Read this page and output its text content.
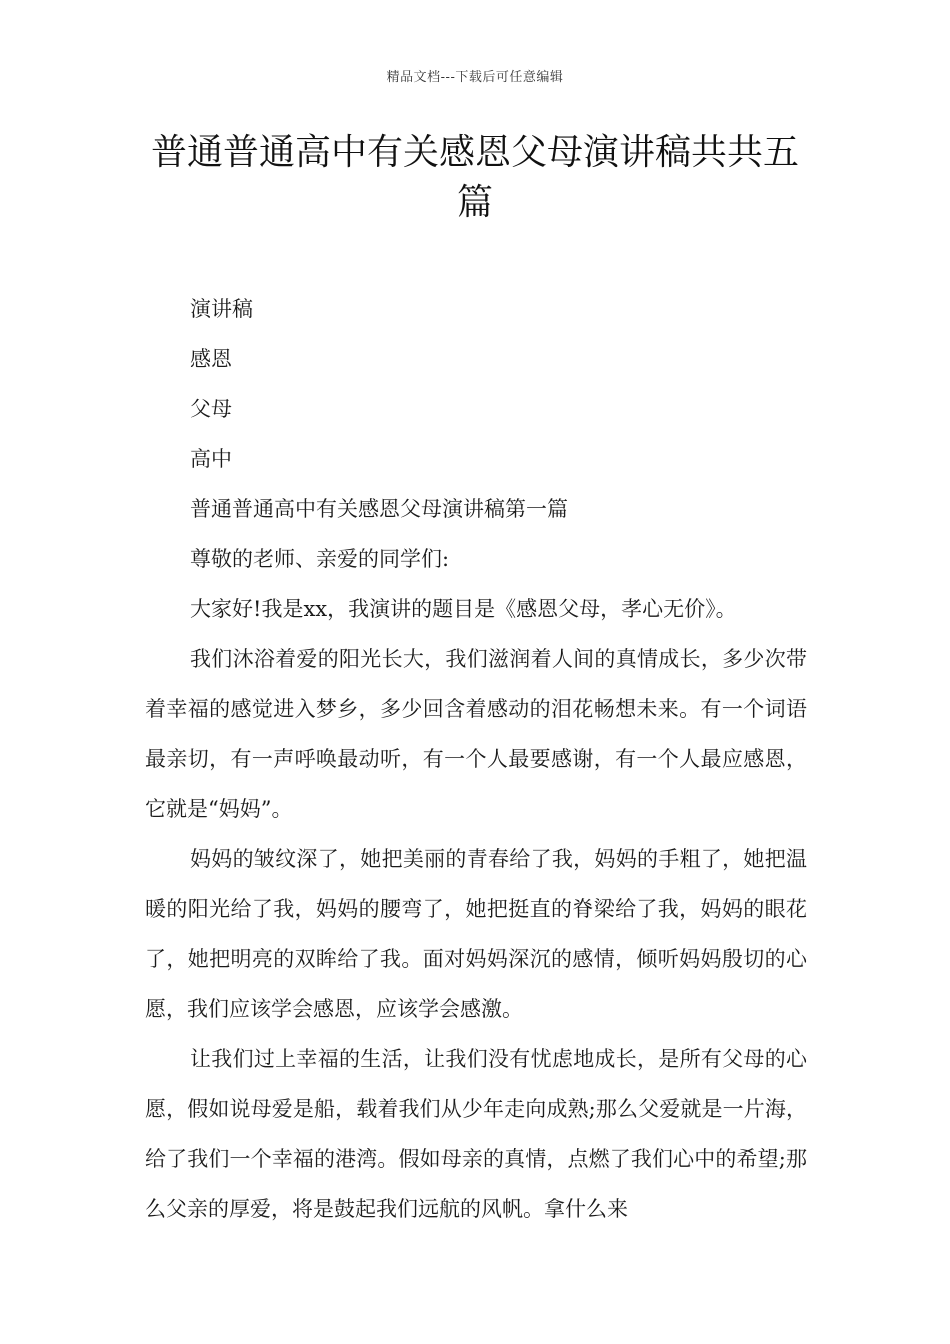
精品文档---下载后可任意编辑
普通普通高中有关感恩父母演讲稿共共五篇
演讲稿
感恩
父母
高中

普通普通高中有关感恩父母演讲稿第一篇

尊敬的老师、亲爱的同学们:

大家好!我是xx，我演讲的题目是《感恩父母，孝心无价》。

我们沐浴着爱的阳光长大，我们滋润着人间的真情成长，多少次带着幸福的感觉进入梦乡，多少回含着感动的泪花畅想未来。有一个词语最亲切，有一声呼唤最动听，有一个人最要感谢，有一个人最应感恩，它就是“妈妈”。

妈妈的皱纹深了，她把美丽的青春给了我，妈妈的手粗了，她把温暖的阳光给了我，妈妈的腰弯了，她把挺直的脊梁给了我，妈妈的眼花了，她把明亮的双眸给了我。面对妈妈深沉的感情，倾听妈妈殷切的心愿，我们应该学会感恩，应该学会感激。

让我们过上幸福的生活，让我们没有忧虑地成长，是所有父母的心愿，假如说母爱是船，载着我们从少年走向成熟;那么父爱就是一片海，给了我们一个幸福的港湾。假如母亲的真情，点燃了我们心中的希望;那么父亲的厚爱，将是鼓起我们远航的风帆。拿什么来
